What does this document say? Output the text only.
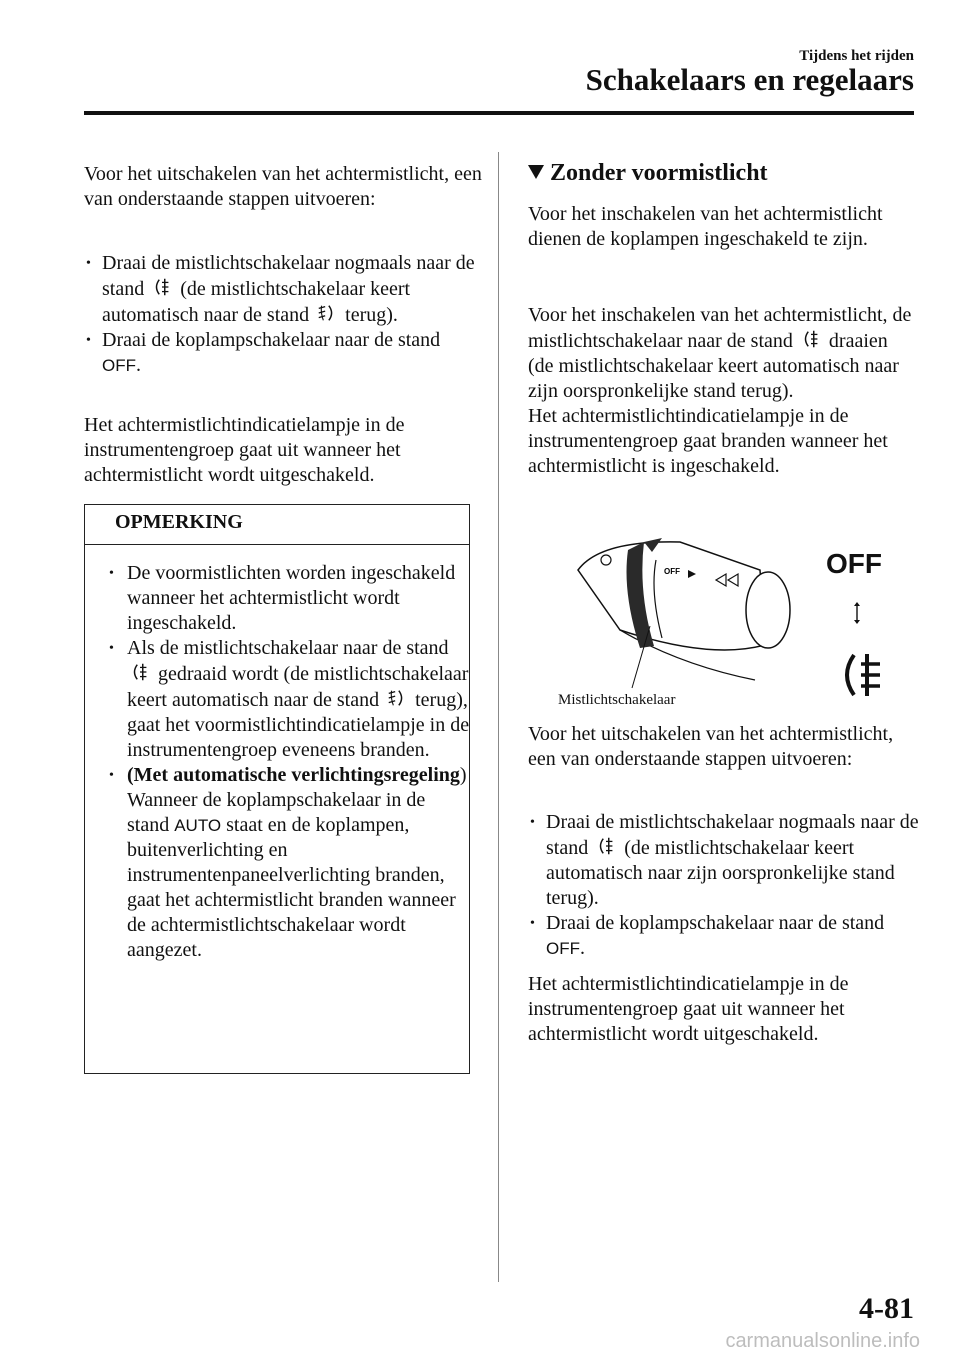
Tijdens het rijden
Schakelaars en regelaars
Voor het uitschakelen van het achtermistlicht, een van onderstaande stappen uitvoeren:
• Draai de mistlichtschakelaar nogmaals naar de stand (de mistlichtschakelaar keert automatisch naar de stand terug).
• Draai de koplampschakelaar naar de stand OFF.
Het achtermistlichtindicatielampje in de instrumentengroep gaat uit wanneer het achtermistlicht wordt uitgeschakeld.
OPMERKING
• De voormistlichten worden ingeschakeld wanneer het achtermistlicht wordt ingeschakeld.
• Als de mistlichtschakelaar naar de stand  gedraaid wordt (de mistlichtschakelaar keert automatisch naar de stand terug), gaat het voormistlichtindicatielampje in de instrumentengroep eveneens branden.
• (Met automatische verlichtingsregeling)
Wanneer de koplampschakelaar in de stand AUTO staat en de koplampen, buitenverlichting en instrumentenpaneelverlichting branden, gaat het achtermistlicht branden wanneer de achtermistlichtschakelaar wordt aangezet.
Zonder voormistlicht
Voor het inschakelen van het achtermistlicht dienen de koplampen ingeschakeld te zijn.
Voor het inschakelen van het achtermistlicht, de mistlichtschakelaar naar de stand draaien (de mistlichtschakelaar keert automatisch naar zijn oorspronkelijke stand terug).
Het achtermistlichtindicatielampje in de instrumentengroep gaat branden wanneer het achtermistlicht is ingeschakeld.
OFF
Mistlichtschakelaar
OFF
Voor het uitschakelen van het achtermistlicht, een van onderstaande stappen uitvoeren:
• Draai de mistlichtschakelaar nogmaals naar de stand (de mistlichtschakelaar keert automatisch naar zijn oorspronkelijke stand terug).
• Draai de koplampschakelaar naar de stand OFF.
Het achtermistlichtindicatielampje in de instrumentengroep gaat uit wanneer het achtermistlicht wordt uitgeschakeld.
4-81
carmanualsonline.info
